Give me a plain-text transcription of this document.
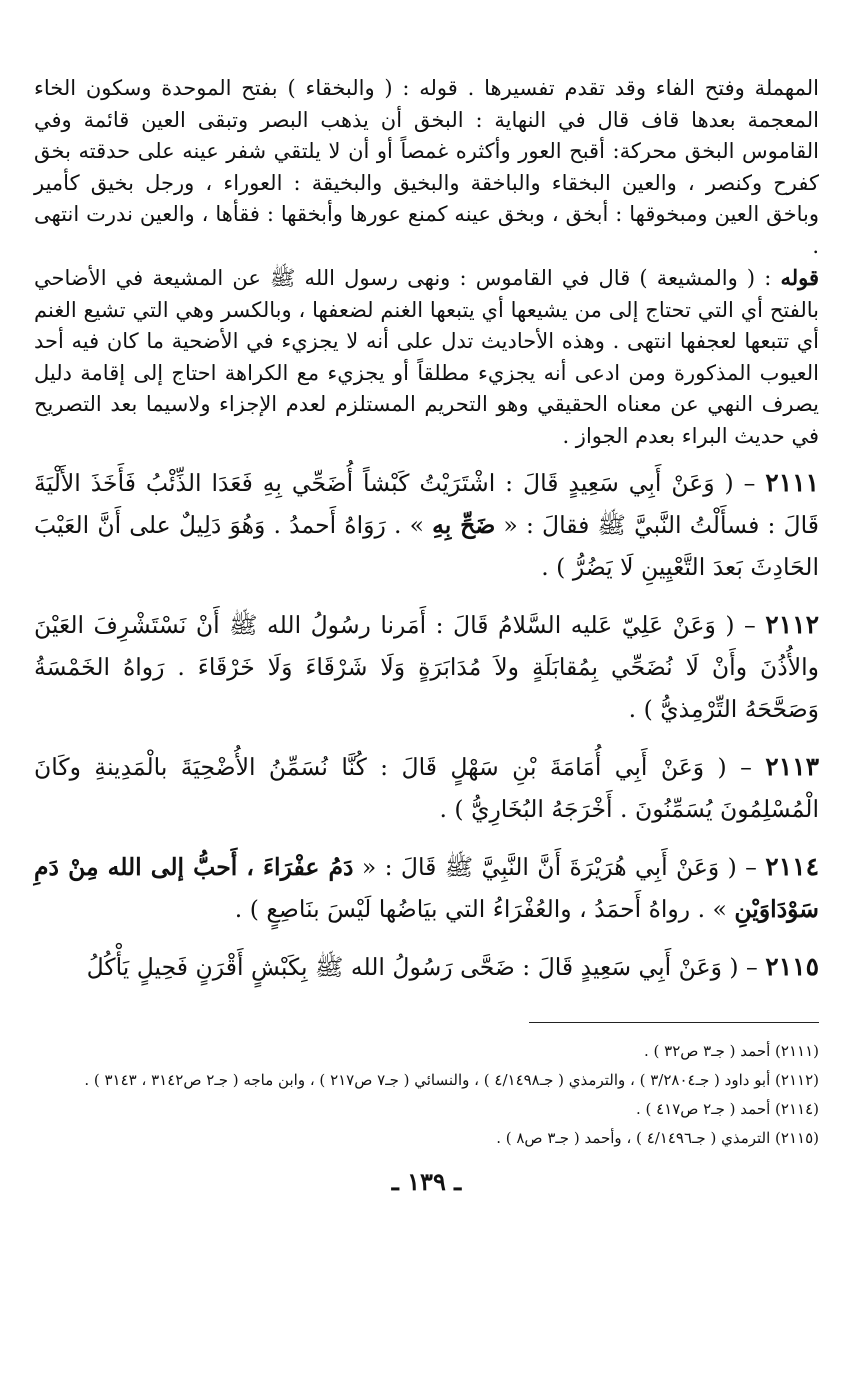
المهملة وفتح الفاء وقد تقدم تفسيرها . قوله : ( والبخقاء ) بفتح الموحدة وسكون الخاء المعجمة بعدها قاف قال في النهاية : البخق أن يذهب البصر وتبقى العين قائمة وفي القاموس البخق محركة: أقبح العور وأكثره غمصاً أو أن لا يلتقي شفر عينه على حدقته بخق كفرح وكنصر ، والعين البخقاء والباخقة والبخيق والبخيقة : العوراء ، ورجل بخيق كأمير وباخق العين ومبخوقها : أبخق ، وبخق عينه كمنع عورها وأبخقها : فقأها ، والعين ندرت انتهى .

قوله : ( والمشيعة ) قال في القاموس : ونهى رسول الله ﷺ عن المشيعة في الأضاحي بالفتح أي التي تحتاج إلى من يشيعها أي يتبعها الغنم لضعفها ، وبالكسر وهي التي تشيع الغنم أي تتبعها لعجفها انتهى . وهذه الأحاديث تدل على أنه لا يجزيء في الأضحية ما كان فيه أحد العيوب المذكورة ومن ادعى أنه يجزيء مطلقاً أو يجزيء مع الكراهة احتاج إلى إقامة دليل يصرف النهي عن معناه الحقيقي وهو التحريم المستلزم لعدم الإجزاء ولاسيما بعد التصريح في حديث البراء بعدم الجواز .

٢١١١ – ( وَعَنْ أَبِي سَعِيدٍ قَالَ : اشْتَرَيْتُ كَبْشاً أُضَحِّي بِهِ فَعَدَا الذِّئْبُ فَأَخَذَ الأَلْيَةَ قَالَ : فسأَلْتُ النَّبيَّ ﷺ فقالَ : « ضَحِّ بِهِ » . رَوَاهُ أَحمدُ . وَهُوَ دَلِيلٌ على أَنَّ العَيْبَ الحَادِثَ بَعدَ التَّعْيِينِ لَا يَضُرُّ ) .

٢١١٢ – ( وَعَنْ عَلِيّ عَليه السَّلامُ قَالَ : أَمَرنا رسُولُ الله ﷺ أَنْ نَسْتَشْرِفَ العَيْنَ والأُذُنَ وأَنْ لَا نُضَحِّي بِمُقابَلَةٍ ولاَ مُدَابَرَةٍ وَلَا شَرْقَاءَ وَلَا خَرْقَاءَ . رَواهُ الخَمْسَةُ وَصَحَّحَهُ التِّرْمِذيُّ ) .

٢١١٣ – ( وَعَنْ أَبِي أُمَامَةَ بْنِ سَهْلٍ قَالَ : كُنَّا نُسَمِّنُ الأُضْحِيَةَ بالْمَدِينةِ وكَانَ الْمُسْلِمُونَ يُسَمِّنُونَ . أَخْرَجَهُ البُخَارِيُّ ) .

٢١١٤ – ( وَعَنْ أَبِي هُرَيْرَةَ أَنَّ النَّبِيَّ ﷺ قَالَ : « دَمُ عفْرَاءَ ، أَحبُّ إلى الله مِنْ دَمِ سَوْدَاوَيْنِ » . رواهُ أَحمَدُ ، والعُفْرَاءُ التي بيَاضُها لَيْسَ بنَاصِعٍ ) .

٢١١٥ – ( وَعَنْ أَبِي سَعِيدٍ قَالَ : ضَحَّى رَسُولُ الله ﷺ بِكَبْشٍ أَقْرَنٍ فَحِيلٍ يَأْكُلُ

(٢١١١) أحمد ( جـ٣ ص٣٢ ) .

(٢١١٢) أبو داود ( جـ٣/٢٨٠٤ ) ، والترمذي ( جـ٤/١٤٩٨ ) ، والنسائي ( جـ٧ ص٢١٧ ) ، وابن ماجه ( جـ٢ ص٣١٤٢ ، ٣١٤٣ ) .

(٢١١٤) أحمد ( جـ٢ ص٤١٧ ) .

(٢١١٥) الترمذي ( جـ٤/١٤٩٦ ) ، وأحمد ( جـ٣ ص٨ ) .

ـ ١٣٩ ـ
